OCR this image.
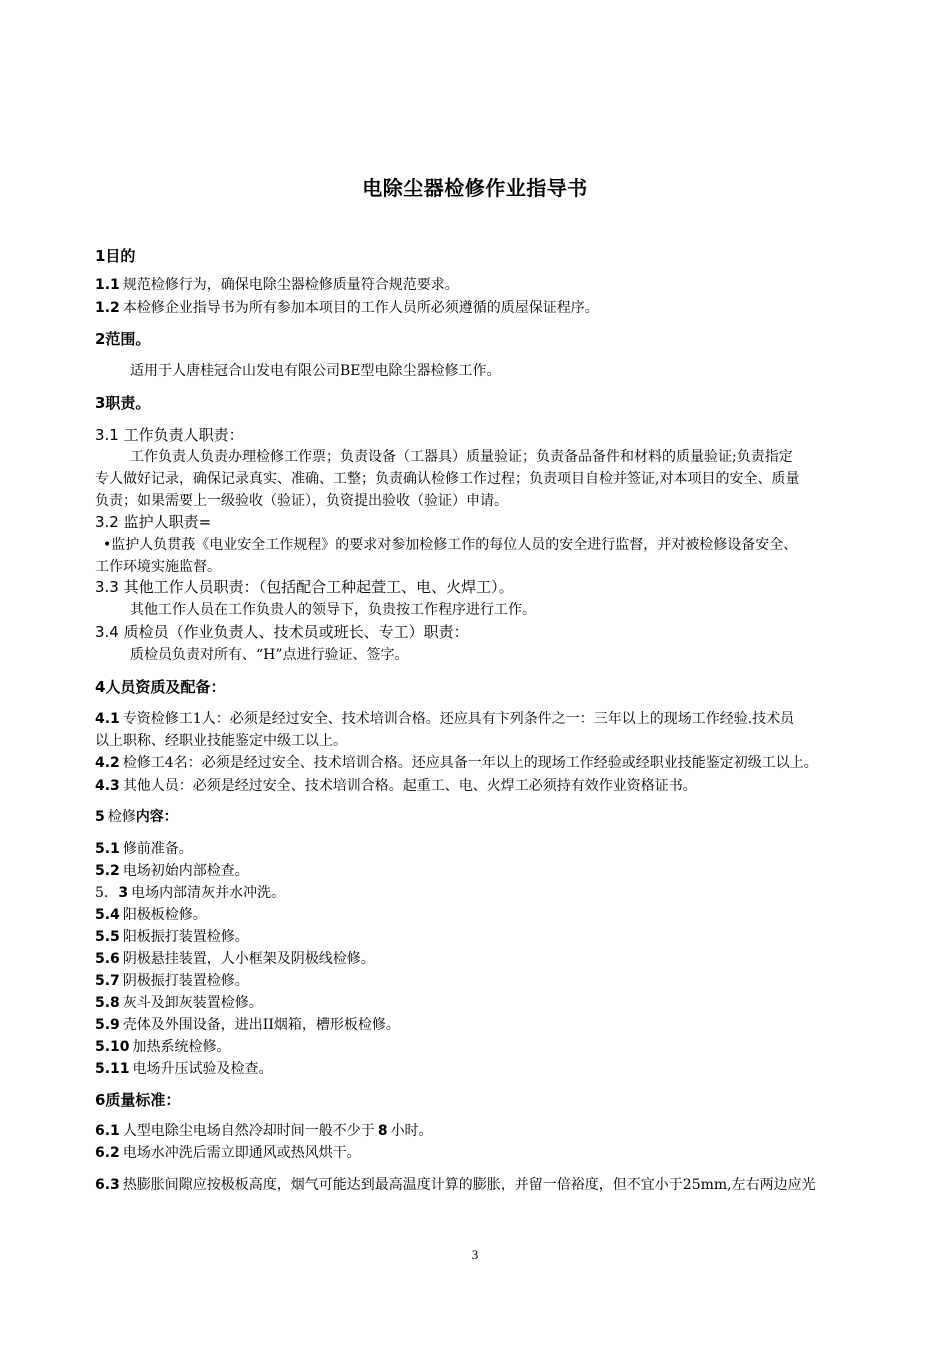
电除尘器检修作业指导书
1目的
1.1 规范检修行为，确保电除尘器检修质量符合规范要求。
1.2 本检修企业指导书为所有参加本项目的工作人员所必须遵循的质屋保证程序。
2范围。
适用于人唐桂冠合山发电有限公司BE型电除尘器检修工作。
3职责。
3.1 工作负责人职责：
工作负责人负责办理检修工作票；负责设备（工器具）质量验证；负责备品备件和材料的质量验证;负责指定
专人做好记录，确保记录真实、准确、工整；负责确认检修工作过程；负责项目自检并签证,对本项目的安全、质量
负责；如果需要上一级验收（验证），负资提出验收（验证）申请。
3.2 监护人职责=
•监护人负贯莪《电业安全工作规程》的要求对参加检修工作的每位人员的安全进行监督，并对被检修设备安全、
工作环境实施监督。
3.3 其他工作人员职责：（包括配合工种起萱工、电、火焊工）。
其他工作人员在工作负贵人的领导下，负贵按工作程序进行工作。
3.4 质检员（作业负责人、技术员或班长、专工）职责：
质检员负责对所有、“H”点进行验证、签字。
4人员资质及配备：
4.1 专资检修工1人：必须是经过安全、技术培训合格。还应具有卞列条件之一：三年以上的现场工作经验.技术员
以上职称、经职业技能鉴定中级工以上。
4.2 检修工4名：必须是经过安全、技术培训合格。还应具备一年以上的现场工作经验或经职业技能鉴定初级工以上。
4.3 其他人员：必须是经过安全、技术培训合格。起重工、电、火焊工必须持有效作业资格证书。
5 检修内容：
5.1 修前准备。
5.2 电场初始内部检查。
5. 3 电场内部清灰并水冲洗。
5.4 阳极板检修。
5.5 阳板振打装置检修。
5.6 阴极悬挂装置，人小框架及阴极线检修。
5.7 阴极振打装置检修。
5.8 灰斗及卸灰装置检修。
5.9 壳体及外围设备，进出II烟箱，槽形板检修。
5.10 加热系统检修。
5.11 电场升压试验及检查。
6质量标准：
6.1 人型电除尘电场自然冷却时间一般不少于 8 小时。
6.2 电场水冲洗后需立即通风或热风烘干。
6.3 热膨胀间隙应按极板高度，烟气可能达到最高温度计算的膨胀，并留一倍裕度，但不宜小于25mm,左右两边应光
3
